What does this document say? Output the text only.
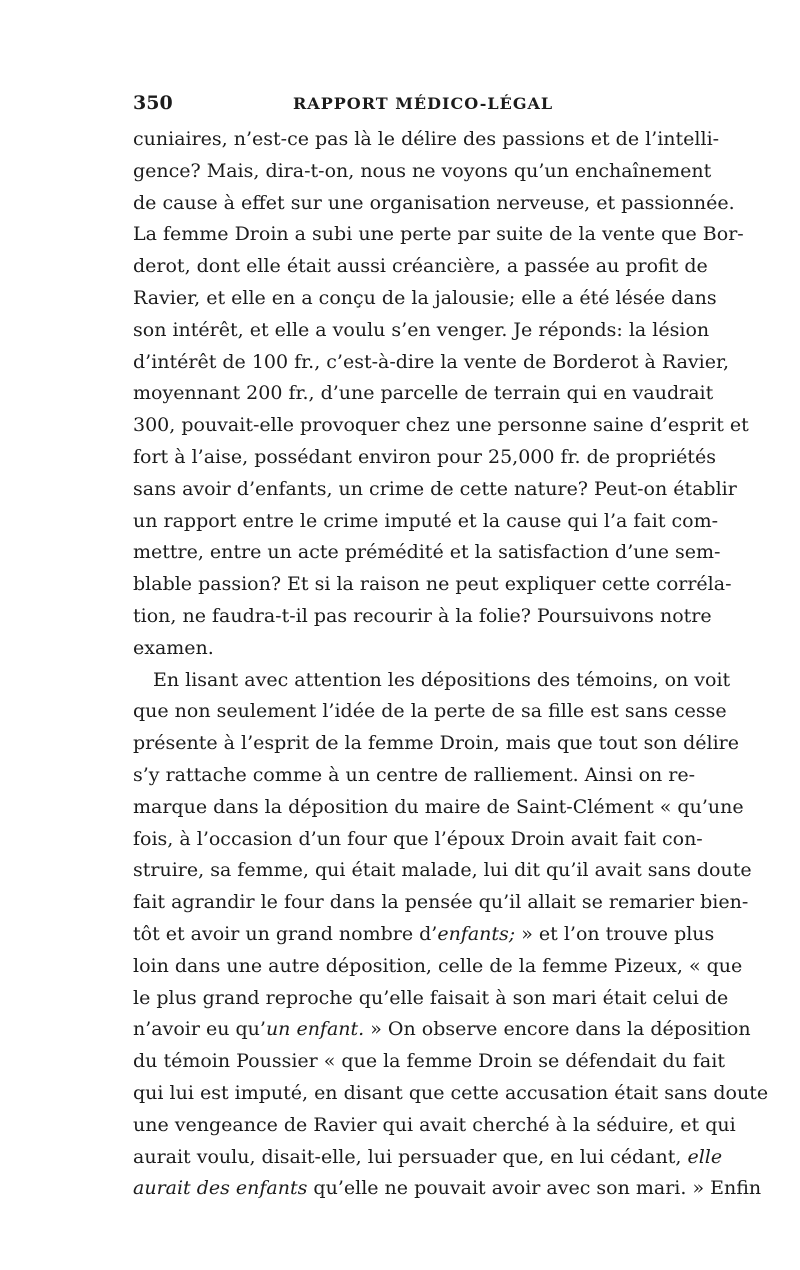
350	RAPPORT MÉDICO-LÉGAL
cuniaires, n’est-ce pas là le délire des passions et de l’intelli-
gence? Mais, dira-t-on, nous ne voyons qu’un enchaînement
de cause à effet sur une organisation nerveuse, et passionnée.
La femme Droin a subi une perte par suite de la vente que Bor-
derot, dont elle était aussi créancière, a passée au profit de
Ravier, et elle en a conçu de la jalousie; elle a été lésée dans
son intérêt, et elle a voulu s’en venger. Je réponds: la lésion
d’intérêt de 100 fr., c’est-à-dire la vente de Borderot à Ravier,
moyennant 200 fr., d’une parcelle de terrain qui en vaudrait
300, pouvait-elle provoquer chez une personne saine d’esprit et
fort à l’aise, possédant environ pour 25,000 fr. de propriétés
sans avoir d’enfants, un crime de cette nature? Peut-on établir
un rapport entre le crime imputé et la cause qui l’a fait com-
mettre, entre un acte prémédité et la satisfaction d’une sem-
blable passion? Et si la raison ne peut expliquer cette corréla-
tion, ne faudra-t-il pas recourir à la folie? Poursuivons notre
examen.
En lisant avec attention les dépositions des témoins, on voit
que non seulement l’idée de la perte de sa fille est sans cesse
présente à l’esprit de la femme Droin, mais que tout son délire
s’y rattache comme à un centre de ralliement. Ainsi on re-
marque dans la déposition du maire de Saint-Clément « qu’une
fois, à l’occasion d’un four que l’époux Droin avait fait con-
struire, sa femme, qui était malade, lui dit qu’il avait sans doute
fait agrandir le four dans la pensée qu’il allait se remarier bien-
tôt et avoir un grand nombre d’enfants; » et l’on trouve plus
loin dans une autre déposition, celle de la femme Pizeux, « que
le plus grand reproche qu’elle faisait à son mari était celui de
n’avoir eu qu’un enfant. » On observe encore dans la déposition
du témoin Poussier « que la femme Droin se défendait du fait
qui lui est imputé, en disant que cette accusation était sans doute
une vengeance de Ravier qui avait cherché à la séduire, et qui
aurait voulu, disait-elle, lui persuader que, en lui cédant, elle
aurait des enfants qu’elle ne pouvait avoir avec son mari. » Enfin
